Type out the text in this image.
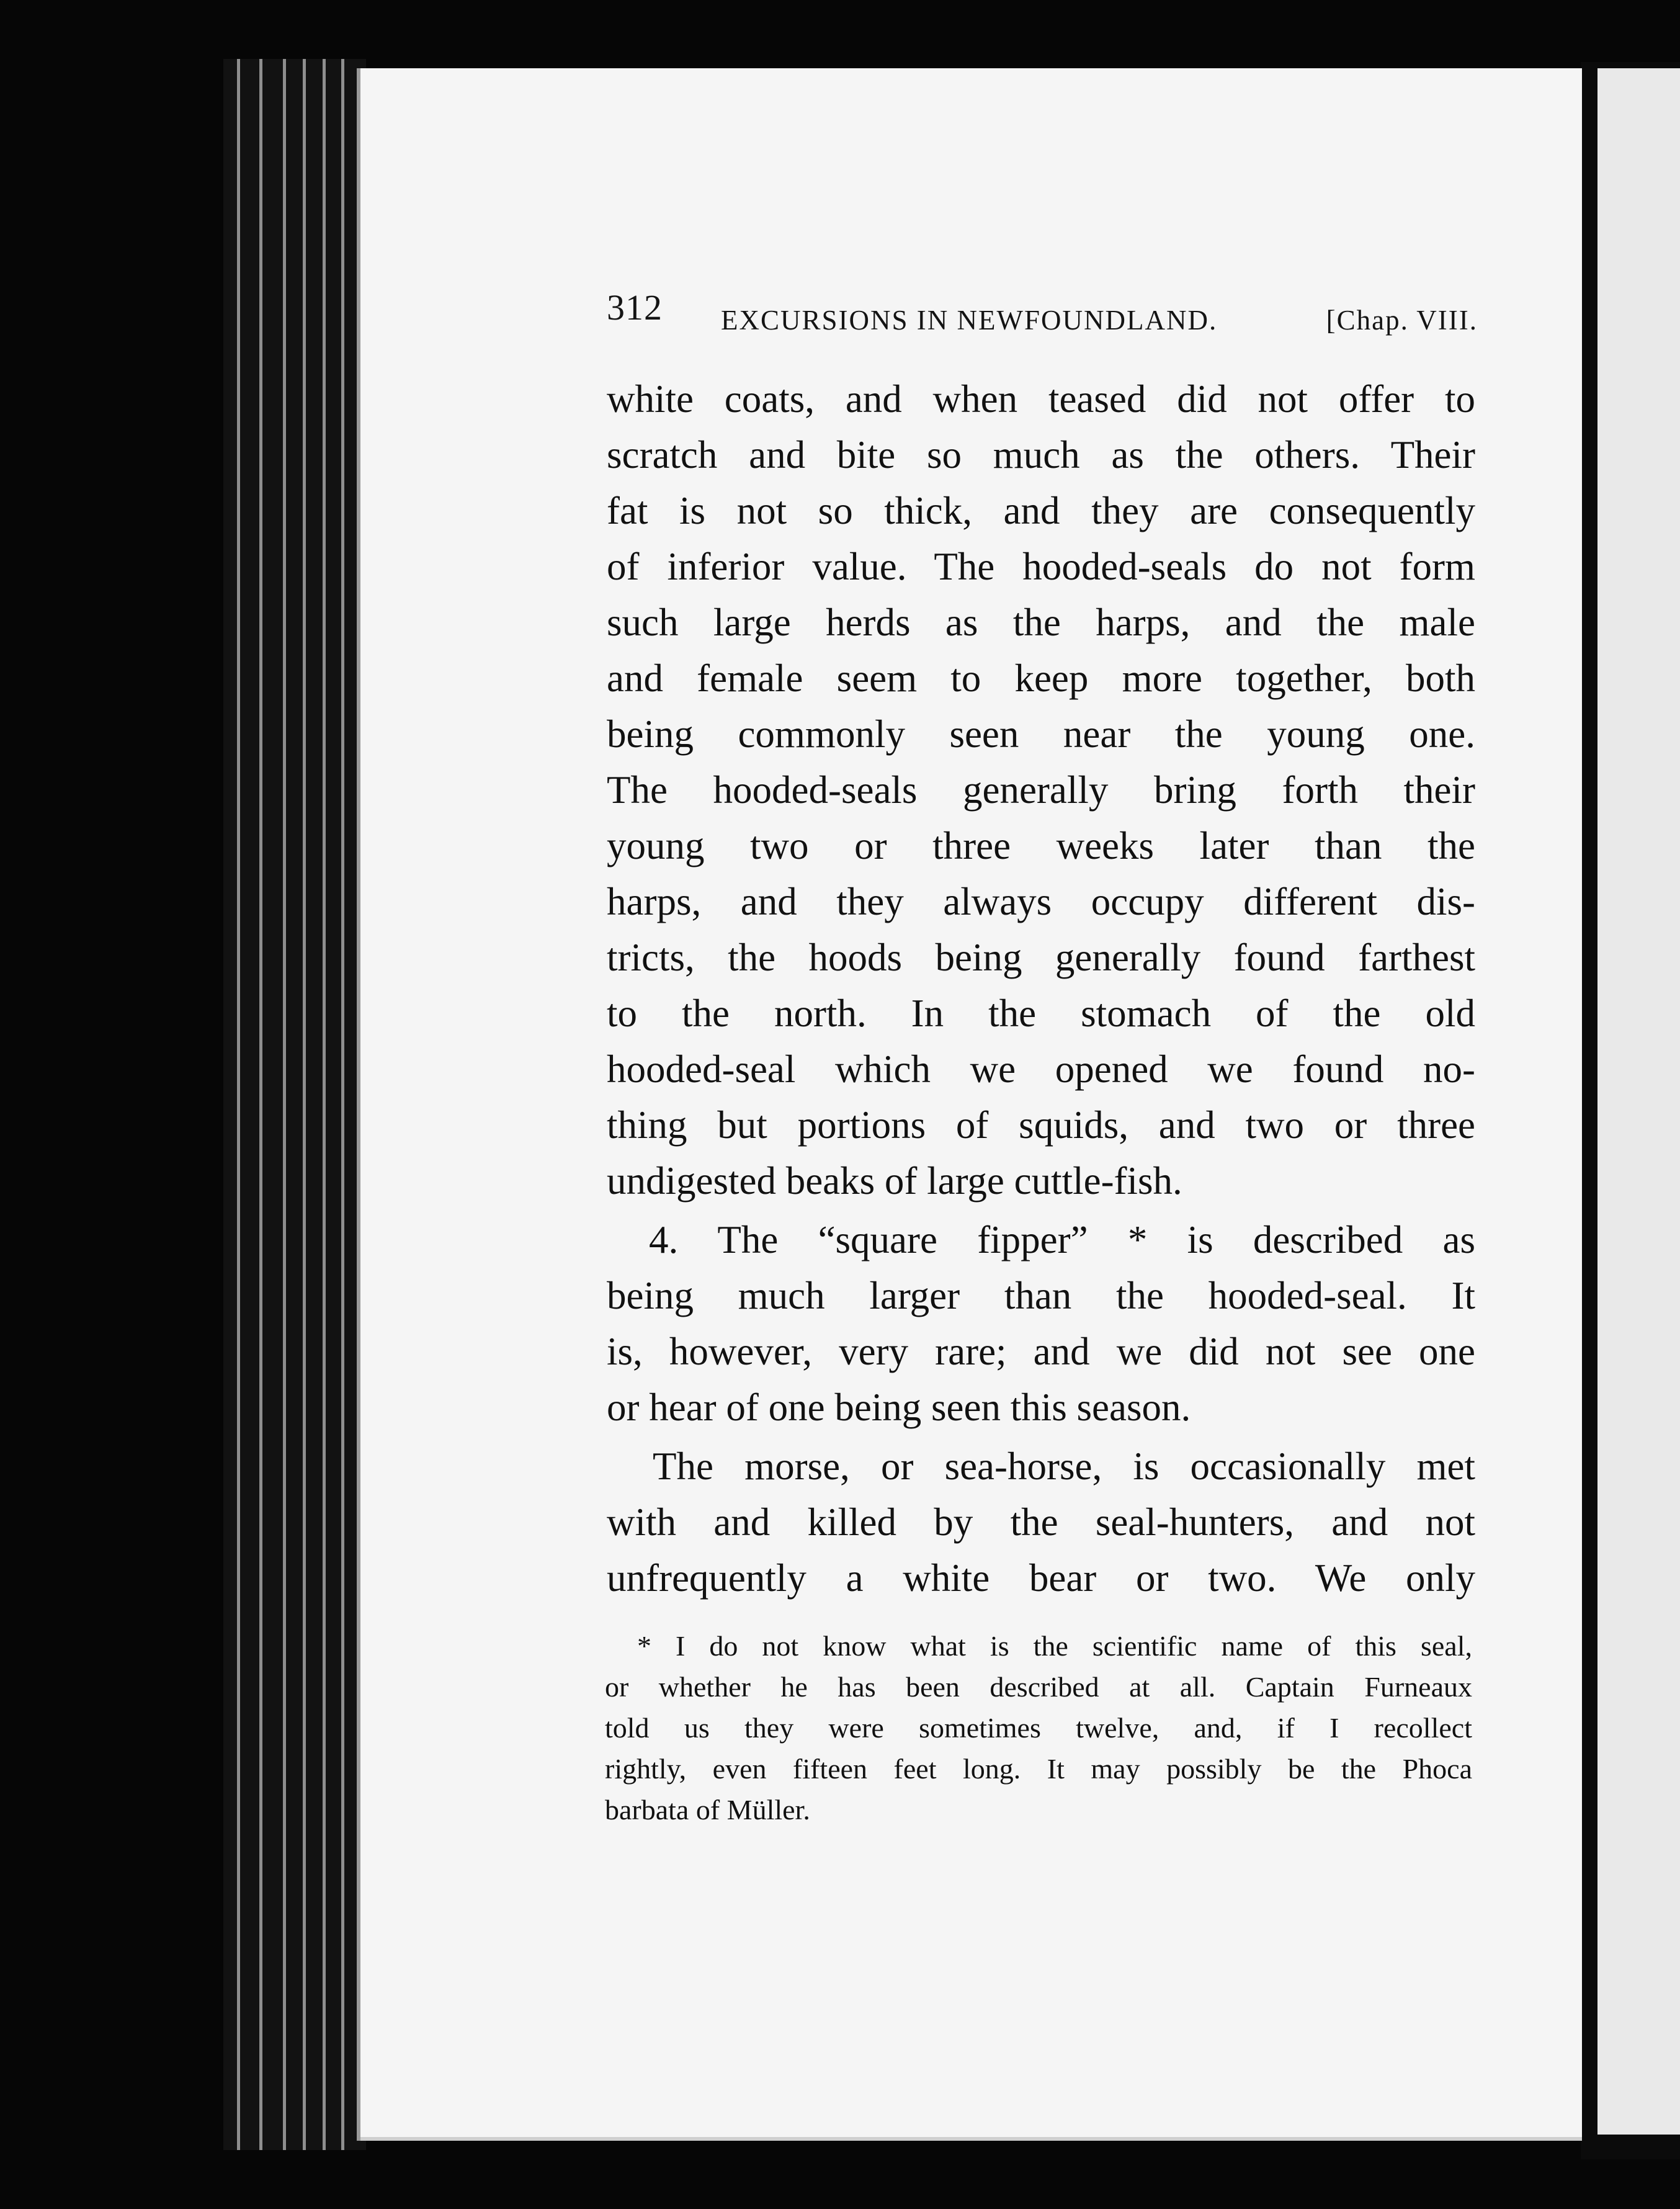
312 EXCURSIONS IN NEWFOUNDLAND.	[Chap. VIII.
white coats, and when teased did not offer to
scratch and bite so much as the others. Their
fat is not so thick, and they are consequently
of inferior value. The hooded-seals do not form
such large herds as the harps, and the male
and female seem to keep more together, both
being commonly seen near the young one.
The hooded-seals generally bring forth their
young two or three weeks later than the
harps, and they always occupy different dis-
tricts, the hoods being generally found farthest
to the north. In the stomach of the old
hooded-seal which we opened we found no-
thing but portions of squids, and two or three
undigested beaks of large cuttle-fish.
4. The “square fipper” * is described as
being much larger than the hooded-seal. It
is, however, very rare; and we did not see one
or hear of one being seen this season.
The morse, or sea-horse, is occasionally met
with and killed by the seal-hunters, and not
unfrequently a white bear or two. We only
* I do not know what is the scientific name of this seal,
or whether he has been described at all. Captain Furneaux
told us they were sometimes twelve, and, if I recollect
rightly, even fifteen feet long. It may possibly be the Phoca
barbata of Müller.
